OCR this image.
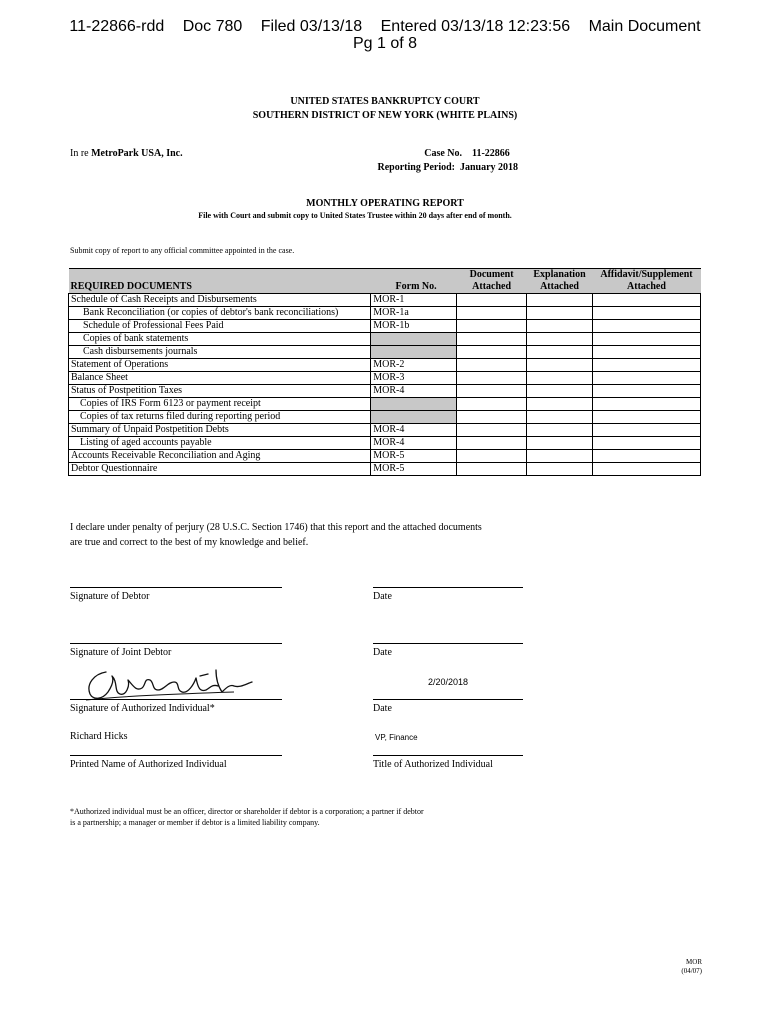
11-22866-rdd Doc 780 Filed 03/13/18 Entered 03/13/18 12:23:56 Main Document
Pg 1 of 8
UNITED STATES BANKRUPTCY COURT
SOUTHERN DISTRICT OF NEW YORK (WHITE PLAINS)
In re MetroPark USA, Inc.	Case No. 11-22866
Reporting Period: January 2018
MONTHLY OPERATING REPORT
File with Court and submit copy to United States Trustee within 20 days after end of month.
Submit copy of report to any official committee appointed in the case.
		Document	Explanation	Affidavit/Supplement
REQUIRED DOCUMENTS	Form No.	Attached	Attached	Attached
Schedule of Cash Receipts and Disbursements	MOR-1			
Bank Reconciliation (or copies of debtor's bank reconciliations)	MOR-1a			
Schedule of Professional Fees Paid	MOR-1b			
Copies of bank statements				
Cash disbursements journals				
Statement of Operations	MOR-2			
Balance Sheet	MOR-3			
Status of Postpetition Taxes	MOR-4			
Copies of IRS Form 6123 or payment receipt				
Copies of tax returns filed during reporting period				
Summary of Unpaid Postpetition Debts	MOR-4			
Listing of aged accounts payable	MOR-4			
Accounts Receivable Reconciliation and Aging	MOR-5			
Debtor Questionnaire	MOR-5			
I declare under penalty of perjury (28 U.S.C. Section 1746) that this report and the attached documents
are true and correct to the best of my knowledge and belief.
Signature of Debtor	Date
Signature of Joint Debtor	Date
Signature of Authorized Individual*
2/20/2018
Date
Richard Hicks
Printed Name of Authorized Individual
VP, Finance
Title of Authorized Individual
*Authorized individual must be an officer, director or shareholder if debtor is a corporation; a partner if debtor
is a partnership; a manager or member if debtor is a limited liability company.
MOR
(04/07)
